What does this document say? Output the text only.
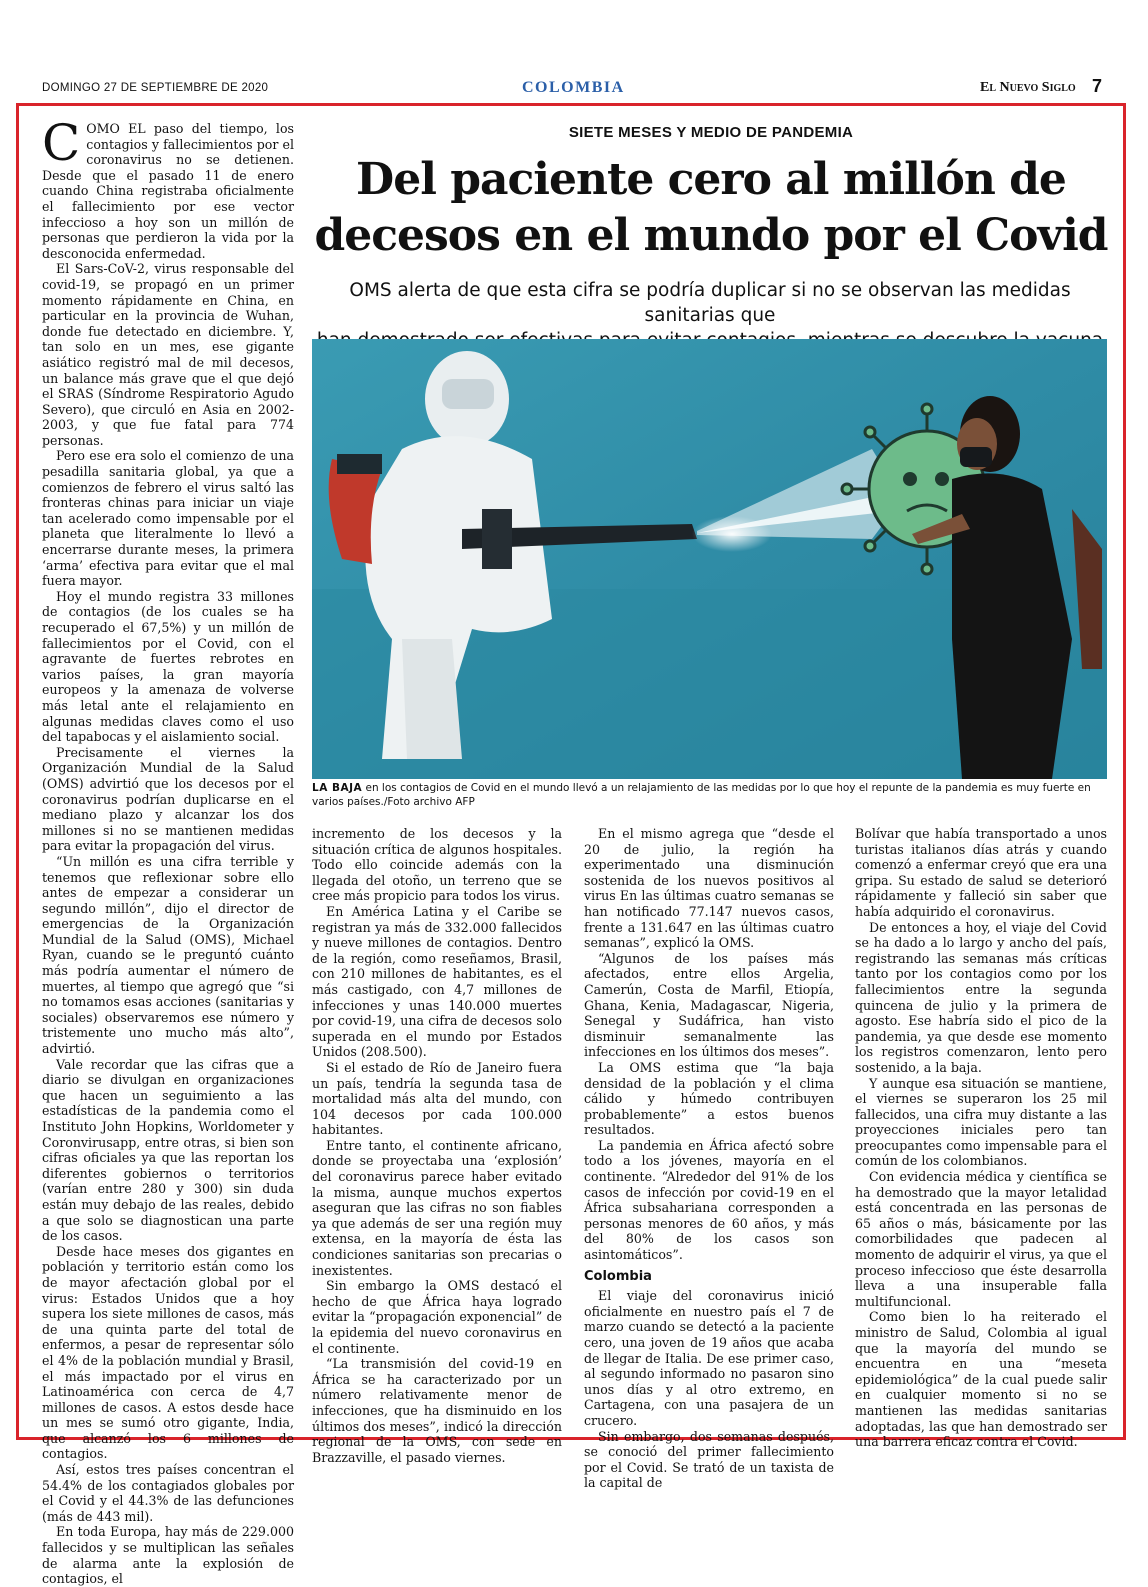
DOMINGO 27 DE SEPTIEMBRE DE 2020	COLOMBIA	El Nuevo Siglo 7
SIETE MESES Y MEDIO DE PANDEMIA
Del paciente cero al millón de
decesos en el mundo por el Covid
OMS alerta de que esta cifra se podría duplicar si no se observan las medidas sanitarias que
LA BAJA en los contagios de Covid en el mundo llevó a un relajamiento de las medidas por lo que hoy el repunte de la pandemia es muy fuerte en varios países./Foto archivo AFP

COMO EL paso del tiempo, los contagios y fallecimientos por el coronavirus no se detienen. Desde que el pasado 11 de enero cuando China registraba oficialmente el fallecimiento por ese vector infeccioso a hoy son un millón de personas que perdieron la vida por la desconocida enfermedad.

El Sars-CoV-2, virus responsable del covid-19, se propagó en un primer momento rápidamente en China, en particular en la provincia de Wuhan, donde fue detectado en diciembre. Y, tan solo en un mes, ese gigante asiático registró mal de mil decesos, un balance más grave que el que dejó el SRAS (Síndrome Respiratorio Agudo Severo), que circuló en Asia en 2002-2003, y que fue fatal para 774 personas.

Pero ese era solo el comienzo de una pesadilla sanitaria global, ya que a comienzos de febrero el virus saltó las fronteras chinas para iniciar un viaje tan acelerado como impensable por el planeta que literalmente lo llevó a encerrarse durante meses, la primera ‘arma’ efectiva para evitar que el mal fuera mayor.

Hoy el mundo registra 33 millones de contagios (de los cuales se ha recuperado el 67,5%) y un millón de fallecimientos por el Covid, con el agravante de fuertes rebrotes en varios países, la gran mayoría europeos y la amenaza de volverse más letal ante el relajamiento en algunas medidas claves como el uso del tapabocas y el aislamiento social.

Precisamente el viernes la Organización Mundial de la Salud (OMS) advirtió que los decesos por el coronavirus podrían duplicarse en el mediano plazo y alcanzar los dos millones si no se mantienen medidas para evitar la propagación del virus.

“Un millón es una cifra terrible y tenemos que reflexionar sobre ello antes de empezar a considerar un segundo millón”, dijo el director de emergencias de la Organización Mundial de la Salud (OMS), Michael Ryan, cuando se le preguntó cuánto más podría aumentar el número de muertes, al tiempo que agregó que “si no tomamos esas acciones (sanitarias y sociales) observaremos ese número y tristemente uno mucho más alto”, advirtió.

Vale recordar que las cifras que a diario se divulgan en organizaciones que hacen un seguimiento a las estadísticas de la pandemia como el Instituto John Hopkins, Worldometer y Coronvirusapp, entre otras, si bien son cifras oficiales ya que las reportan los diferentes gobiernos o territorios (varían entre 280 y 300) sin duda están muy debajo de las reales, debido a que solo se diagnostican una parte de los casos.

Desde hace meses dos gigantes en población y territorio están como los de mayor afectación global por el virus: Estados Unidos que a hoy supera los siete millones de casos, más de una quinta parte del total de enfermos, a pesar de representar sólo el 4% de la población mundial y Brasil, el más impactado por el virus en Latinoamérica con cerca de 4,7 millones de casos. A estos desde hace un mes se sumó otro gigante, India, que alcanzó los 6 millones de contagios.

Así, estos tres países concentran el 54.4% de los contagiados globales por el Covid y el 44.3% de las defunciones (más de 443 mil).

En toda Europa, hay más de 229.000 fallecidos y se multiplican las señales de alarma ante la explosión de contagios, el

incremento de los decesos y la situación crítica de algunos hospitales. Todo ello coincide además con la llegada del otoño, un terreno que se cree más propicio para todos los virus.

En América Latina y el Caribe se registran ya más de 332.000 fallecidos y nueve millones de contagios. Dentro de la región, como reseñamos, Brasil, con 210 millones de habitantes, es el más castigado, con 4,7 millones de infecciones y unas 140.000 muertes por covid-19, una cifra de decesos solo superada en el mundo por Estados Unidos (208.500).

Si el estado de Río de Janeiro fuera un país, tendría la segunda tasa de mortalidad más alta del mundo, con 104 decesos por cada 100.000 habitantes.

Entre tanto, el continente africano, donde se proyectaba una ‘explosión’ del coronavirus parece haber evitado la misma, aunque muchos expertos aseguran que las cifras no son fiables ya que además de ser una región muy extensa, en la mayoría de ésta las condiciones sanitarias son precarias o inexistentes.

Sin embargo la OMS destacó el hecho de que África haya logrado evitar la “propagación exponencial” de la epidemia del nuevo coronavirus en el continente.

“La transmisión del covid-19 en África se ha caracterizado por un número relativamente menor de infecciones, que ha disminuido en los últimos dos meses”, indicó la dirección regional de la OMS, con sede en Brazzaville, el pasado viernes.

En el mismo agrega que “desde el 20 de julio, la región ha experimentado una disminución sostenida de los nuevos positivos al virus En las últimas cuatro semanas se han notificado 77.147 nuevos casos, frente a 131.647 en las últimas cuatro semanas”, explicó la OMS.

“Algunos de los países más afectados, entre ellos Argelia, Camerún, Costa de Marfil, Etiopía, Ghana, Kenia, Madagascar, Nigeria, Senegal y Sudáfrica, han visto disminuir semanalmente las infecciones en los últimos dos meses”.

La OMS estima que “la baja densidad de la población y el clima cálido y húmedo contribuyen probablemente” a estos buenos resultados.

La pandemia en África afectó sobre todo a los jóvenes, mayoría en el continente. “Alrededor del 91% de los casos de infección por covid-19 en el África subsahariana corresponden a personas menores de 60 años, y más del 80% de los casos son asintomáticos”.

Colombia

El viaje del coronavirus inició oficialmente en nuestro país el 7 de marzo cuando se detectó a la paciente cero, una joven de 19 años que acaba de llegar de Italia. De ese primer caso, al segundo informado no pasaron sino unos días y al otro extremo, en Cartagena, con una pasajera de un crucero.

Sin embargo, dos semanas después, se conoció del primer fallecimiento por el Covid. Se trató de un taxista de la capital de

Bolívar que había transportado a unos turistas italianos días atrás y cuando comenzó a enfermar creyó que era una gripa. Su estado de salud se deterioró rápidamente y falleció sin saber que había adquirido el coronavirus.

De entonces a hoy, el viaje del Covid se ha dado a lo largo y ancho del país, registrando las semanas más críticas tanto por los contagios como por los fallecimientos entre la segunda quincena de julio y la primera de agosto. Ese habría sido el pico de la pandemia, ya que desde ese momento los registros comenzaron, lento pero sostenido, a la baja.

Y aunque esa situación se mantiene, el viernes se superaron los 25 mil fallecidos, una cifra muy distante a las proyecciones iniciales pero tan preocupantes como impensable para el común de los colombianos.

Con evidencia médica y científica se ha demostrado que la mayor letalidad está concentrada en las personas de 65 años o más, básicamente por las comorbilidades que padecen al momento de adquirir el virus, ya que el proceso infeccioso que éste desarrolla lleva a una insuperable falla multifuncional.

Como bien lo ha reiterado el ministro de Salud, Colombia al igual que la mayoría del mundo se encuentra en una “meseta epidemiológica” de la cual puede salir en cualquier momento si no se mantienen las medidas sanitarias adoptadas, las que han demostrado ser una barrera eficaz contra el Covid.
